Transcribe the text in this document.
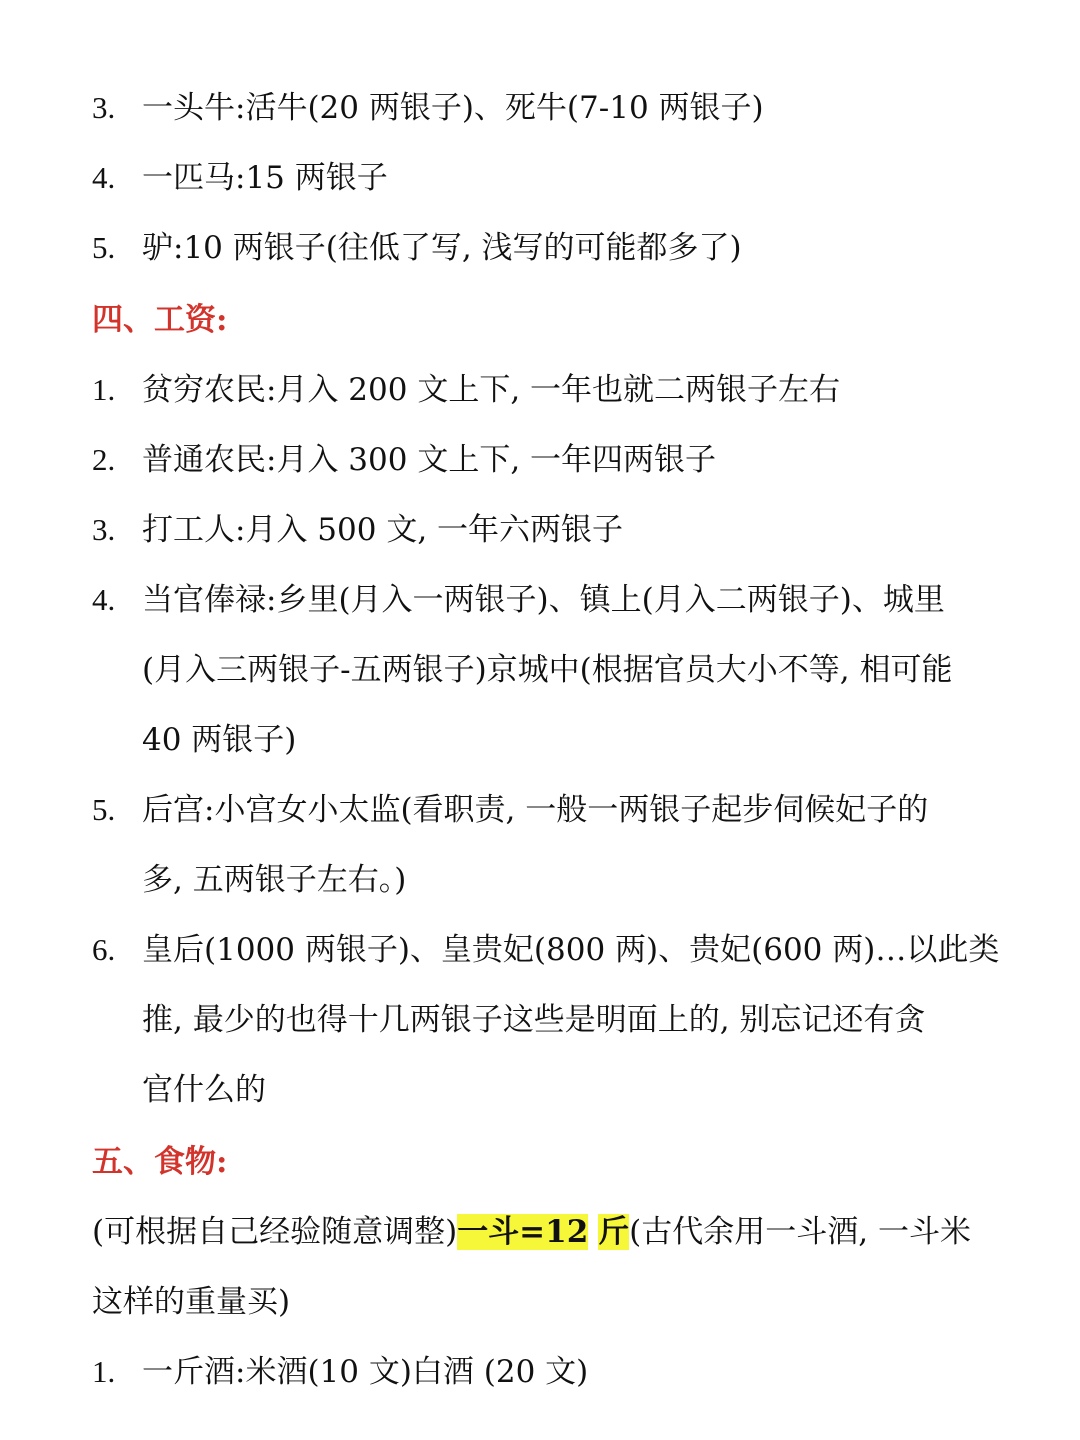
3. 一头牛:活牛(20 两银子)、死牛(7-10 两银子)
4. 一匹马:15 两银子
5. 驴:10 两银子(往低了写, 浅写的可能都多了)
四、工资:
1. 贫穷农民:月入 200 文上下, 一年也就二两银子左右
2. 普通农民:月入 300 文上下, 一年四两银子
3. 打工人:月入 500 文, 一年六两银子
4. 当官俸禄:乡里(月入一两银子)、镇上(月入二两银子)、城里
(月入三两银子-五两银子)京城中(根据官员大小不等, 相可能
40 两银子)
5. 后宫:小宫女小太监(看职责, 一般一两银子起步伺候妃子的
多, 五两银子左右。)
6. 皇后(1000 两银子)、皇贵妃(800 两)、贵妃(600 两)…以此类
推, 最少的也得十几两银子这些是明面上的, 别忘记还有贪
官什么的
五、食物:
(可根据自己经验随意调整)一斗=12 斤(古代余用一斗酒, 一斗米
这样的重量买)
1. 一斤酒:米酒(10 文)白酒 (20 文)
